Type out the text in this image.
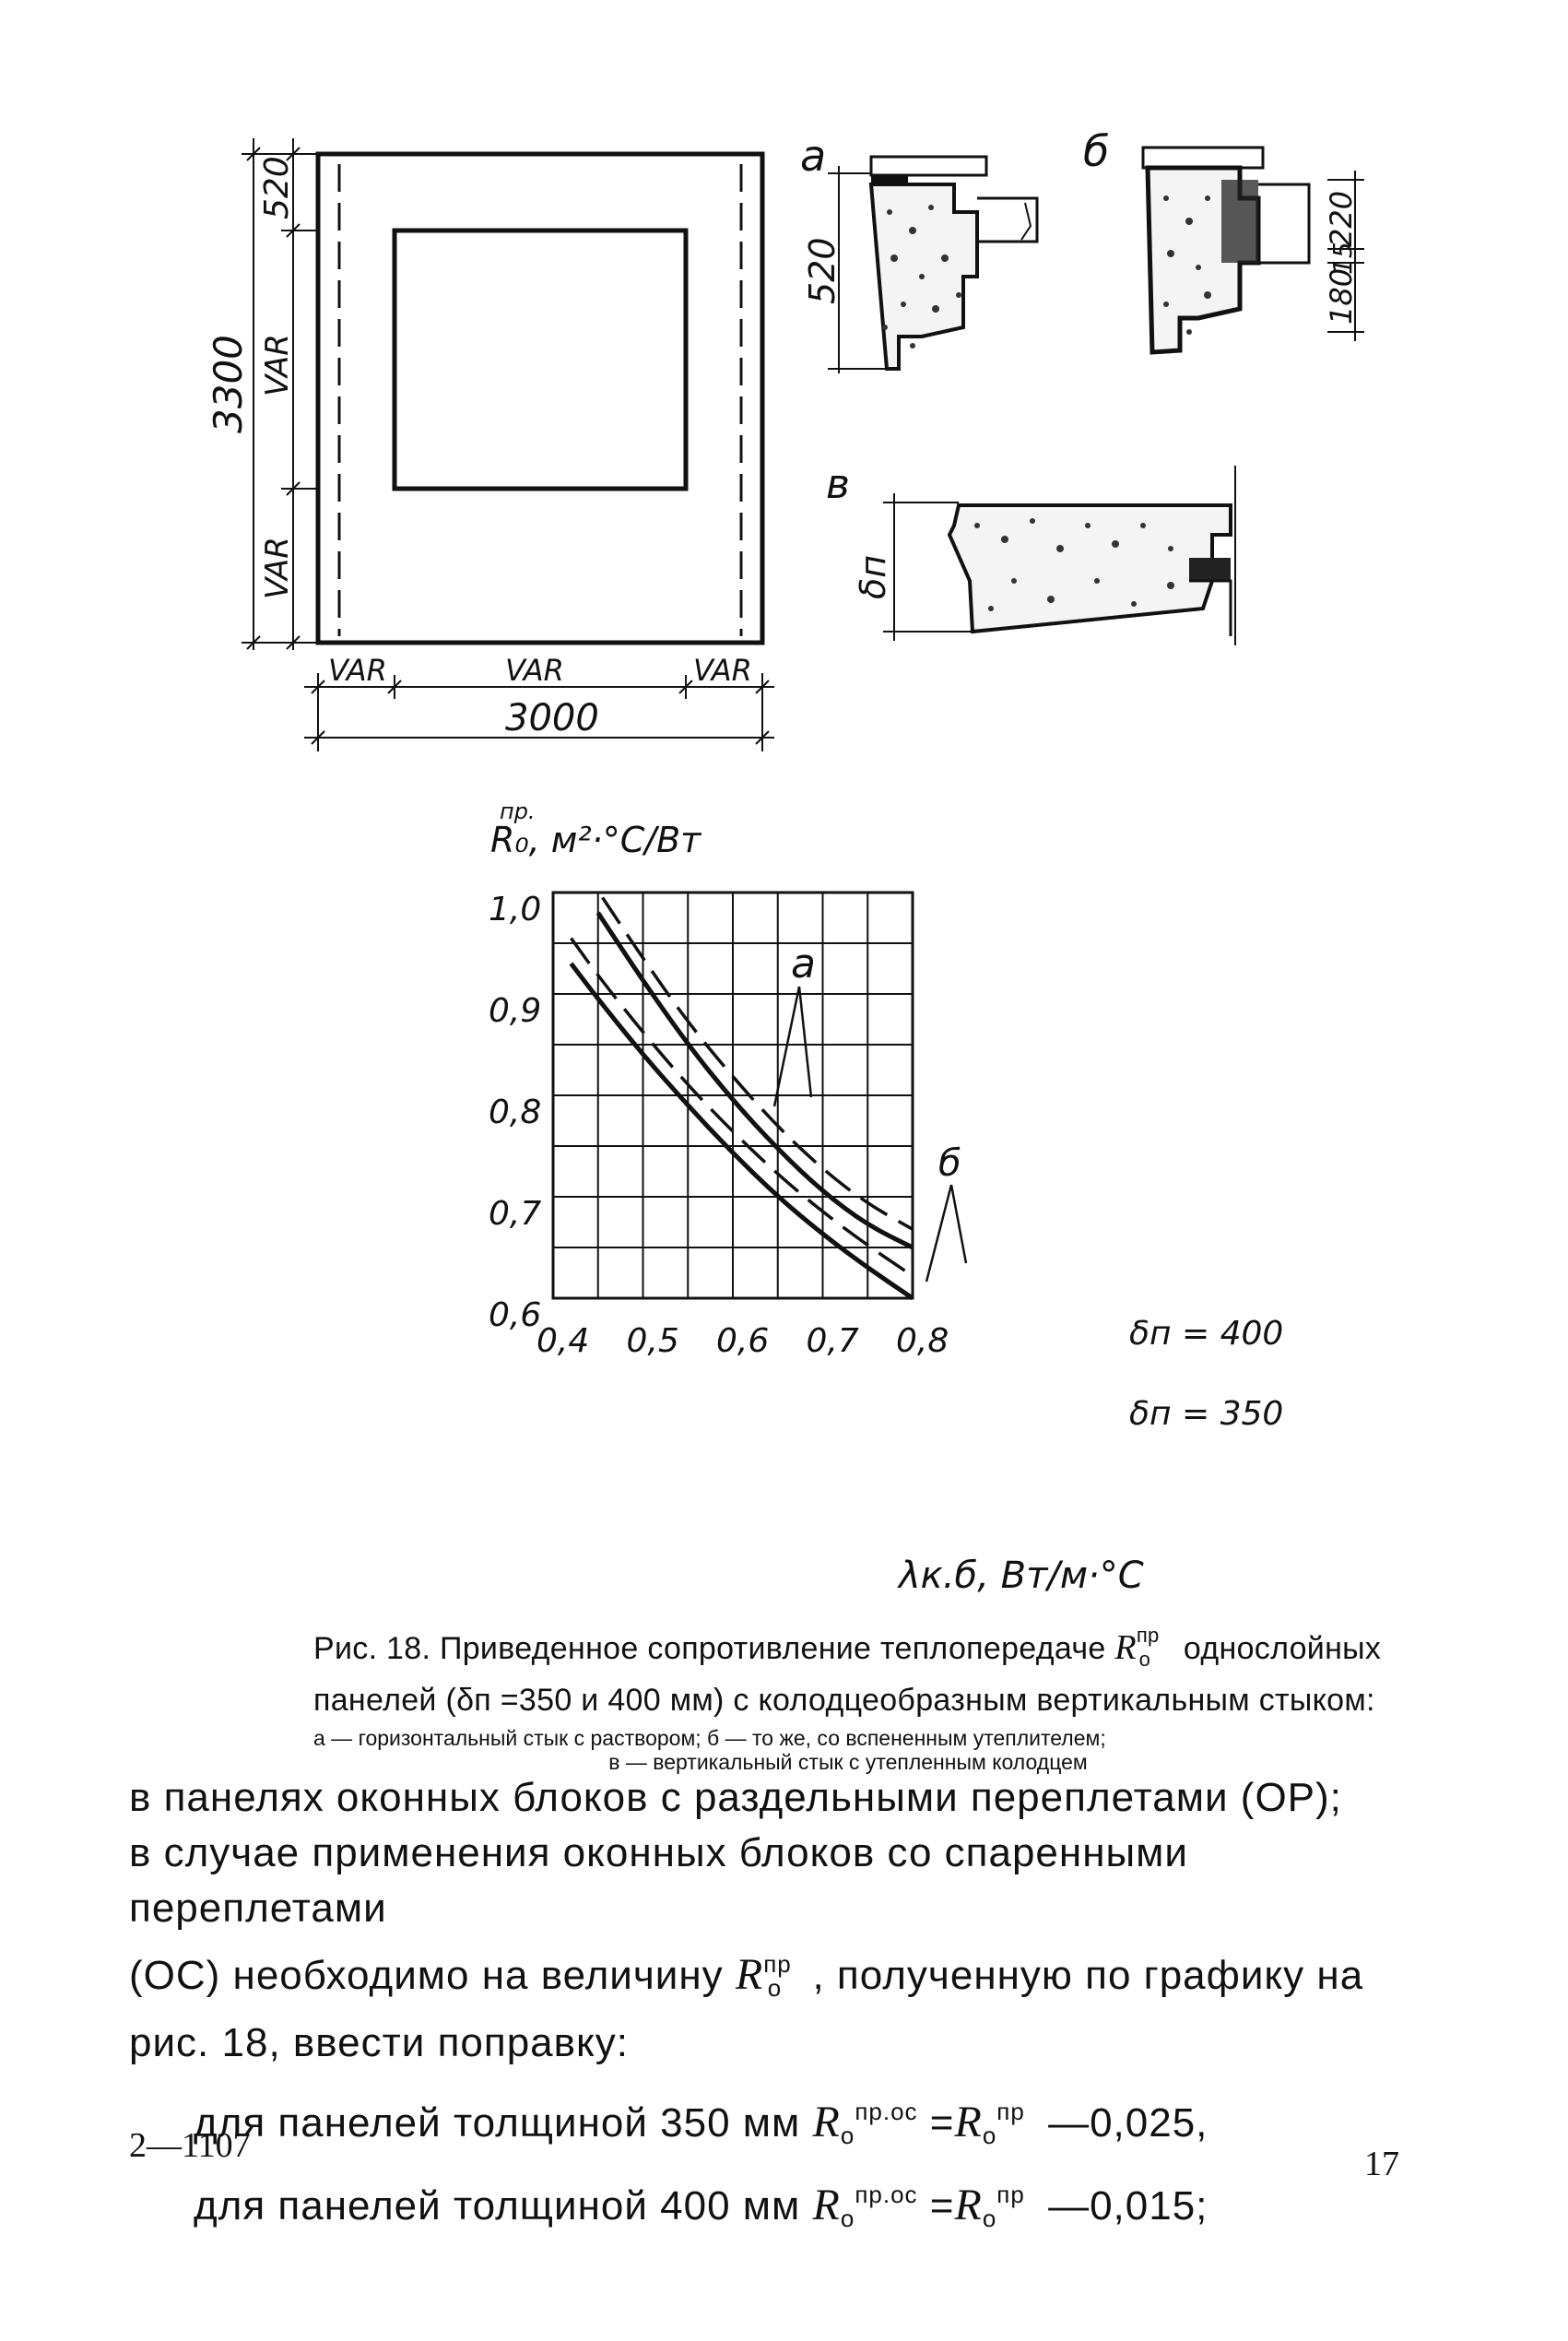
3300
520
VAR
VAR
VAR	VAR	VAR
3000
а
520
б
220
15
180
в
δп
0,4 0,5 0,6 0,7 0,8
1,0
0,9
0,8
0,7
0,6
пр.
R₀, м²·°С/Вт
λк.б, Вт/м·°С
а
б
δп = 400
δп = 350
Рис. 18. Приведенное сопротивление теплопередаче $R^{пр}_о$ однослойных
панелей (δп =350 и 400 мм) с колодцеобразным вертикальным стыком:
а — горизонтальный стык с раствором; б — то же, со вспененным утеплителем;
в — вертикальный стык с утепленным колодцем

в панелях оконных блоков с раздельными переплетами (ОР);

в случае применения оконных блоков со спаренными переплетами

(ОС) необходимо на величину $R^{пр}_о$ , полученную по графику на

рис. 18, ввести поправку:

для панелей толщиной 350 мм $R_о^{пр.ос} =R_о^{пр}$ —0,025,

для панелей толщиной 400 мм $R_о^{пр.ос} =R_о^{пр}$ —0,015;

2—1107	17
